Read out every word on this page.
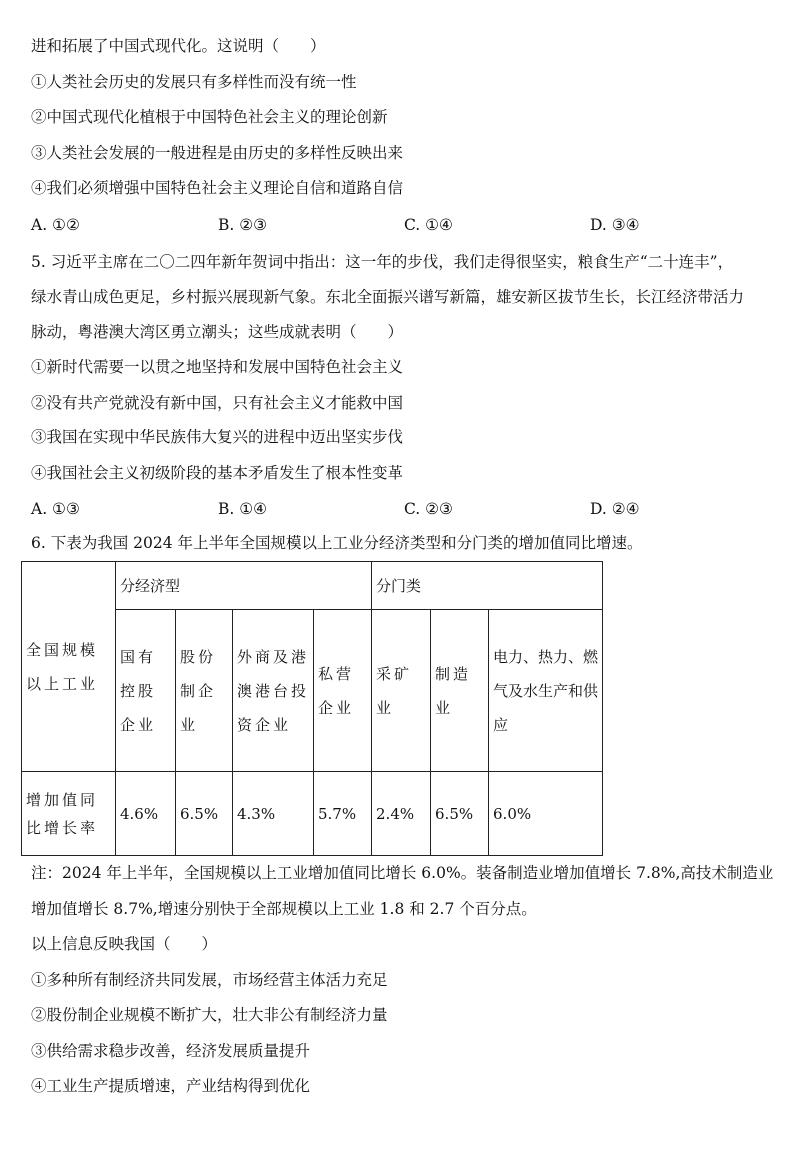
进和拓展了中国式现代化。这说明（　　）
①人类社会历史的发展只有多样性而没有统一性
②中国式现代化植根于中国特色社会主义的理论创新
③人类社会发展的一般进程是由历史的多样性反映出来
④我们必须增强中国特色社会主义理论自信和道路自信
A. ①②	B. ②③	C. ①④	D. ③④
5. 习近平主席在二〇二四年新年贺词中指出：这一年的步伐，我们走得很坚实，粮食生产“二十连丰”，
绿水青山成色更足，乡村振兴展现新气象。东北全面振兴谱写新篇，雄安新区拔节生长，长江经济带活力
脉动，粤港澳大湾区勇立潮头；这些成就表明（　　）
①新时代需要一以贯之地坚持和发展中国特色社会主义
②没有共产党就没有新中国，只有社会主义才能救中国
③我国在实现中华民族伟大复兴的进程中迈出坚实步伐
④我国社会主义初级阶段的基本矛盾发生了根本性变革
A. ①③	B. ①④	C. ②③	D. ②④
6. 下表为我国 2024 年上半年全国规模以上工业分经济类型和分门类的增加值同比增速。
全国规模以上工业	分经济型				分门类		
	国有控股企业	股份制企业	外商及港澳港台投资企业	私营企业	采矿业	制造业	电力、热力、燃气及水生产和供应
增加值同比增长率	4.6%	6.5%	4.3%	5.7%	2.4%	6.5%	6.0%
注：2024 年上半年，全国规模以上工业增加值同比增长 6.0%。装备制造业增加值增长 7.8%,高技术制造业
增加值增长 8.7%,增速分别快于全部规模以上工业 1.8 和 2.7 个百分点。
以上信息反映我国（　　）
①多种所有制经济共同发展，市场经营主体活力充足
②股份制企业规模不断扩大，壮大非公有制经济力量
③供给需求稳步改善，经济发展质量提升
④工业生产提质增速，产业结构得到优化
